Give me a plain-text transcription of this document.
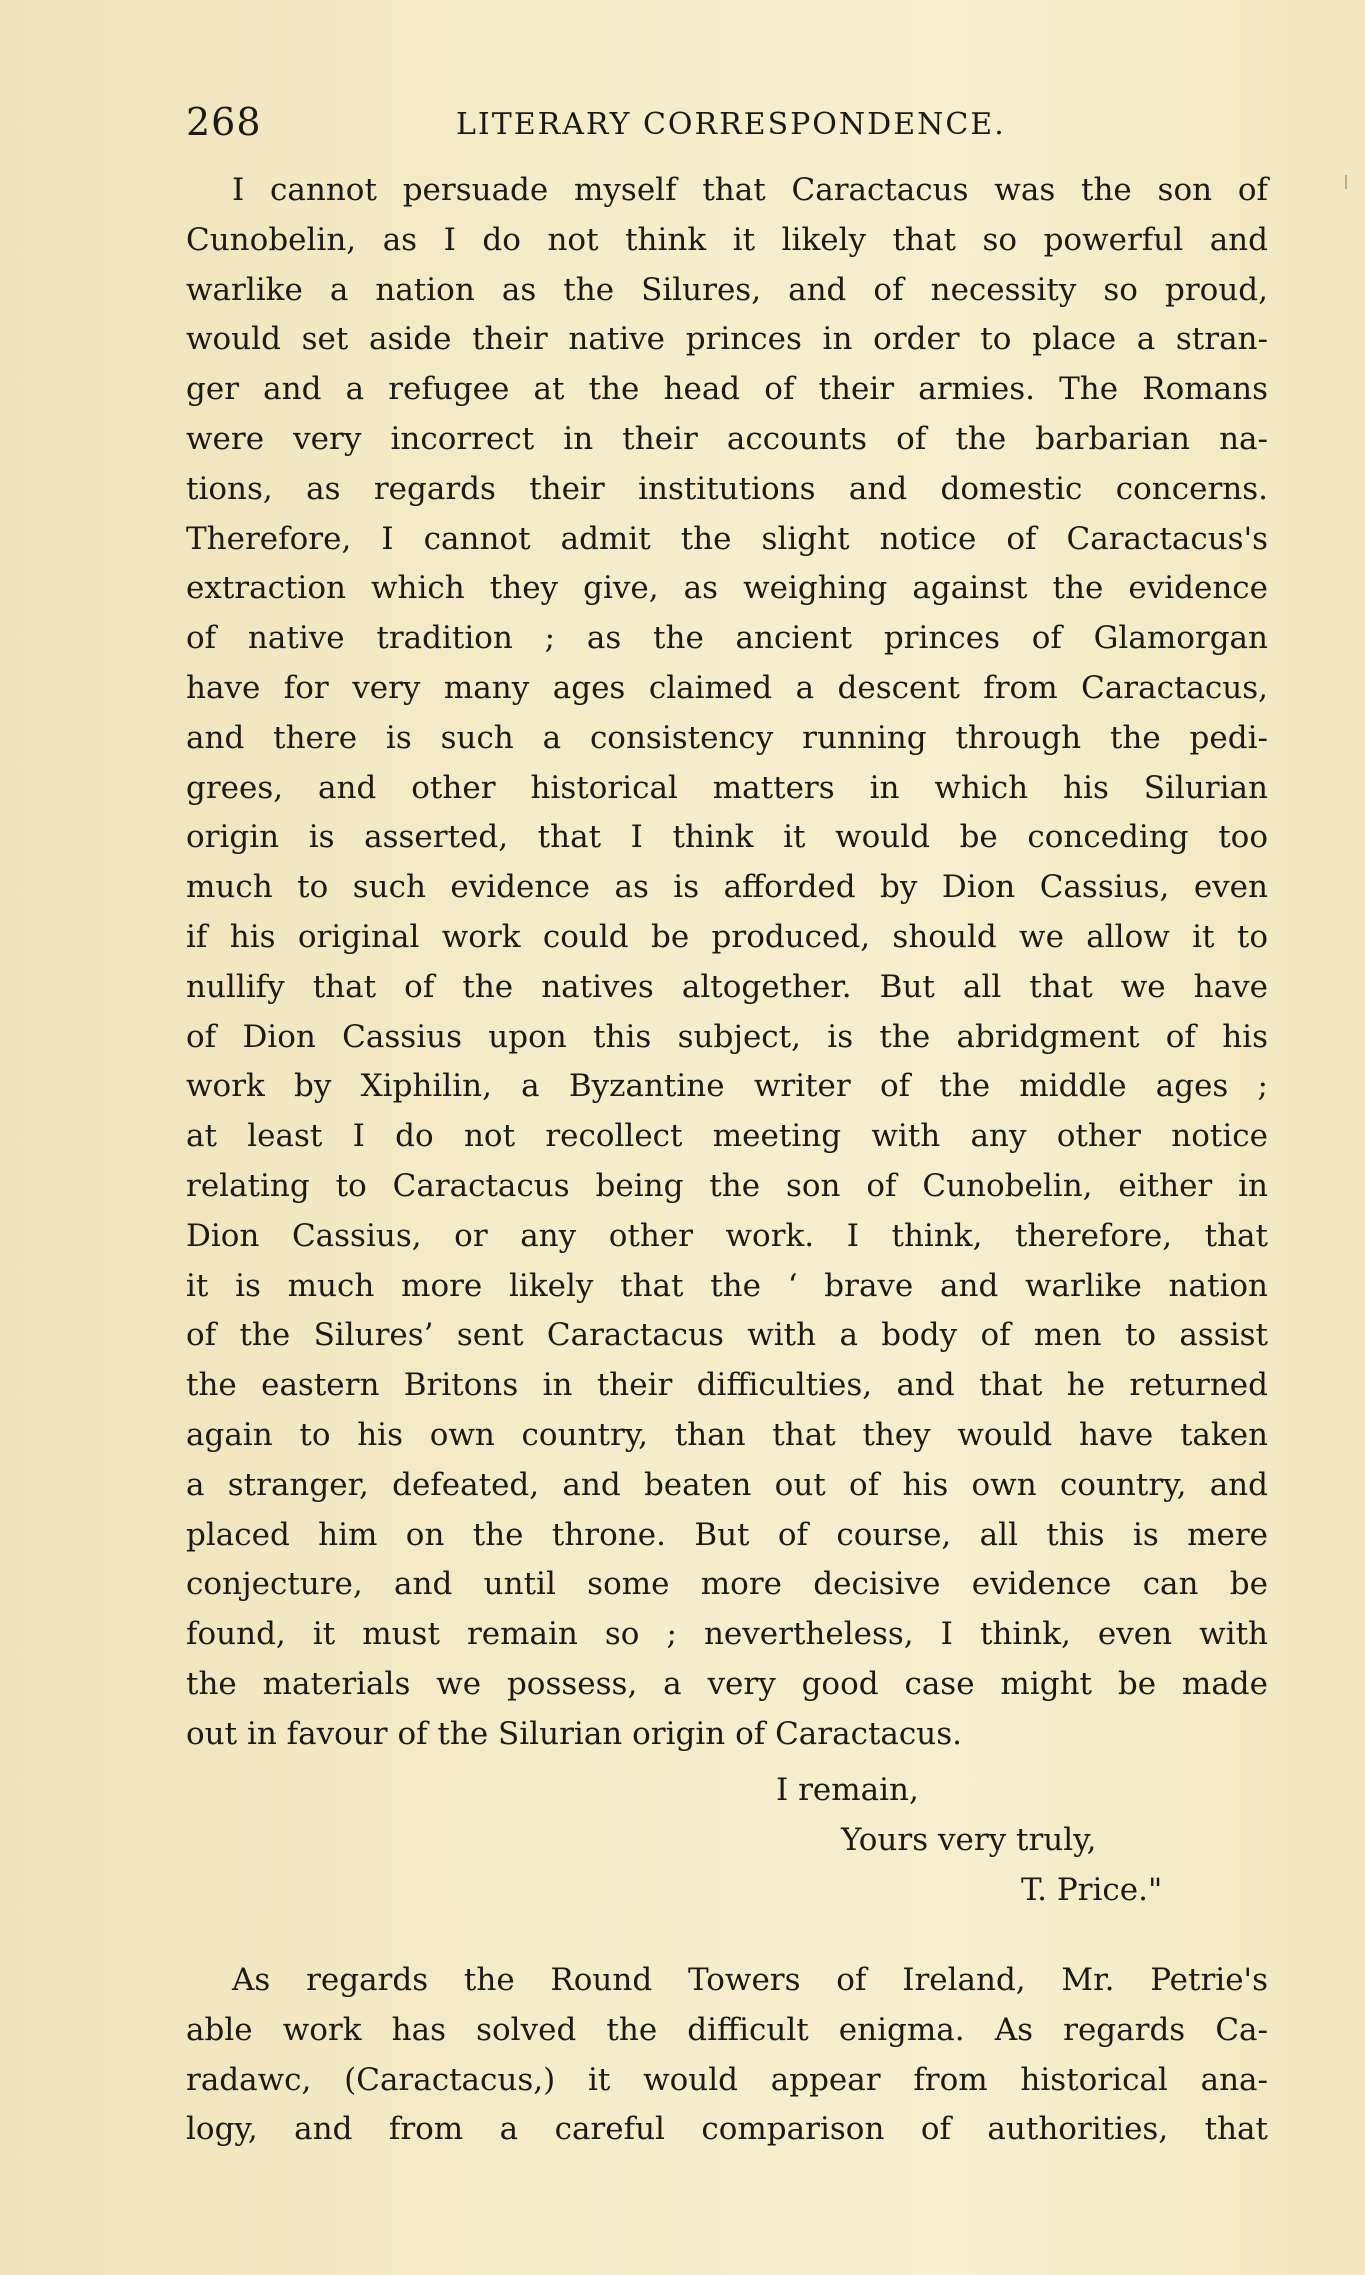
268	LITERARY CORRESPONDENCE.
I cannot persuade myself that Caractacus was the son of
Cunobelin, as I do not think it likely that so powerful and
warlike a nation as the Silures, and of necessity so proud,
would set aside their native princes in order to place a stran-
ger and a refugee at the head of their armies. The Romans
were very incorrect in their accounts of the barbarian na-
tions, as regards their institutions and domestic concerns.
Therefore, I cannot admit the slight notice of Caractacus's
extraction which they give, as weighing against the evidence
of native tradition ; as the ancient princes of Glamorgan
have for very many ages claimed a descent from Caractacus,
and there is such a consistency running through the pedi-
grees, and other historical matters in which his Silurian
origin is asserted, that I think it would be conceding too
much to such evidence as is afforded by Dion Cassius, even
if his original work could be produced, should we allow it to
nullify that of the natives altogether. But all that we have
of Dion Cassius upon this subject, is the abridgment of his
work by Xiphilin, a Byzantine writer of the middle ages ;
at least I do not recollect meeting with any other notice
relating to Caractacus being the son of Cunobelin, either in
Dion Cassius, or any other work. I think, therefore, that
it is much more likely that the ‘ brave and warlike nation
of the Silures’ sent Caractacus with a body of men to assist
the eastern Britons in their difficulties, and that he returned
again to his own country, than that they would have taken
a stranger, defeated, and beaten out of his own country, and
placed him on the throne. But of course, all this is mere
conjecture, and until some more decisive evidence can be
found, it must remain so ; nevertheless, I think, even with
the materials we possess, a very good case might be made
out in favour of the Silurian origin of Caractacus.
I remain,
Yours very truly,
T. Price."
As regards the Round Towers of Ireland, Mr. Petrie's
able work has solved the difficult enigma. As regards Ca-
radawc, (Caractacus,) it would appear from historical ana-
logy, and from a careful comparison of authorities, that
